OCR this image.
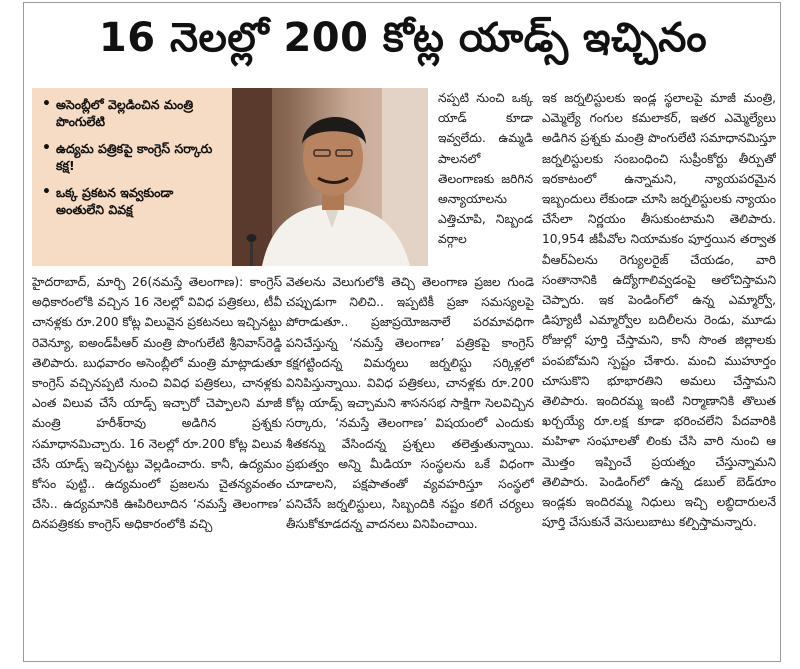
16 నెలల్లో 200 కోట్ల యాడ్స్ ఇచ్చినం
• అసెంబ్లీలో వెల్లడించిన మంత్రి పొంగులేటి
• ఉద్యమ పత్రికపై కాంగ్రెస్ సర్కారు కక్ష!
• ఒక్క ప్రకటన ఇవ్వకుండా అంతులేని వివక్ష

హైదరాబాద్, మార్చి 26(నమస్తే తెలంగాణ): కాంగ్రెస్ అధికారంలోకి వచ్చిన 16 నెలల్లో వివిధ పత్రికలు, టీవీ చానళ్లకు రూ.200 కోట్ల విలువైన ప్రకటనలు ఇచ్చినట్టు రెవెన్యూ, ఐఅండ్‌పీఆర్ మంత్రి పొంగులేటి శ్రీనివాస్‌రెడ్డి తెలిపారు. బుధవారం అసెంబ్లీలో మంత్రి మాట్లాడుతూ కాంగ్రెస్ వచ్చినప్పటి నుంచి వివిధ పత్రికలు, చానళ్లకు ఎంత విలువ చేసే యాడ్స్ ఇచ్చారో చెప్పాలని మాజీ మంత్రి హరీశ్‌రావు అడిగిన ప్రశ్నకు సమాధానమిచ్చారు. 16 నెలల్లో రూ.200 కోట్ల విలువ చేసే యాడ్స్ ఇచ్చినట్టు వెల్లడించారు. కానీ, ఉద్యమం కోసం పుట్టి.. ఉద్యమంలో ప్రజలను చైతన్యవంతం చేసి.. ఉద్యమానికి ఊపిరిలూదిన ‘నమస్తే తెలంగాణ’ దినపత్రికకు కాంగ్రెస్ అధికారంలోకి వచ్చి

నప్పటి నుంచి ఒక్క యాడ్ కూడా ఇవ్వలేదు. ఉమ్మడి పాలనలో తెలంగాణకు జరిగిన అన్యాయాలను ఎత్తిచూపి, నిబ్బండ వర్గాల

వెతలను వెలుగులోకి తెచ్చి తెలంగాణ ప్రజల గుండె చప్పుడుగా నిలిచి.. ఇప్పటికీ ప్రజా సమస్యలపై పోరాడుతూ.. ప్రజాప్రయోజనాలే పరమావధిగా పనిచేస్తున్న ‘నమస్తే తెలంగాణ’ పత్రికపై కాంగ్రెస్ కక్షగట్టిందన్న విమర్శలు జర్నలిస్టు సర్కిళ్లలో వినిపిస్తున్నాయి. వివిధ పత్రికలు, చానళ్లకు రూ.200 కోట్ల యాడ్స్ ఇచ్చామని శాసనసభ సాక్షిగా సెలవిచ్చిన సర్కారు, ‘నమస్తే తెలంగాణ’ విషయంలో ఎందుకు శీతకన్ను వేసిందన్న ప్రశ్నలు తలెత్తుతున్నాయి. ప్రభుత్వం అన్ని మీడియా సంస్థలను ఒకే విధంగా చూడాలని, పక్షపాతంతో వ్యవహరిస్తూ సంస్థలో పనిచేసే జర్నలిస్టులు, సిబ్బందికి నష్టం కలిగే చర్యలు తీసుకోకూడదన్న వాదనలు వినిపించాయి.

ఇక జర్నలిస్టులకు ఇండ్ల స్థలాలపై మాజీ మంత్రి, ఎమ్మెల్యే గంగుల కమలాకర్, ఇతర ఎమ్మెల్యేలు అడిగిన ప్రశ్నకు మంత్రి పొంగులేటి సమాధానమిస్తూ జర్నలిస్టులకు సంబంధించి సుప్రీంకోర్టు తీర్పుతో ఇరకాటంలో ఉన్నామని, న్యాయపరమైన ఇబ్బందులు లేకుండా చూసి జర్నలిస్టులకు న్యాయం చేసేలా నిర్ణయం తీసుకుంటామని తెలిపారు. 10,954 జీపీవోల నియామకం పూర్తయిన తర్వాత వీఆర్‌ఏలను రెగ్యులరైజ్ చేయడం, వారి సంతానానికి ఉద్యోగాలివ్వడంపై ఆలోచిస్తామని చెప్పారు. ఇక పెండింగ్‌లో ఉన్న ఎమ్మార్వో, డిప్యూటీ ఎమ్మార్వోల బదిలీలను రెండు, మూడు రోజుల్లో పూర్తి చేస్తామని, కానీ సొంత జిల్లాలకు పంపబోమని స్పష్టం చేశారు. మంచి ముహూర్తం చూసుకొని భూభారతిని అమలు చేస్తామని తెలిపారు. ఇందిరమ్మ ఇంటి నిర్మాణానికి తొలుత ఖర్చయ్యే రూ.లక్ష కూడా భరించలేని పేదవారికి మహిళా సంఘాలతో లింకు చేసి వారి నుంచి ఆ మొత్తం ఇప్పించే ప్రయత్నం చేస్తున్నామని తెలిపారు. పెండింగ్‌లో ఉన్న డబుల్ బెడ్‌రూం ఇండ్లకు ఇందిరమ్మ నిధులు ఇచ్చి లబ్ధిదారులనే పూర్తి చేసుకునే వెసులుబాటు కల్పిస్తామన్నారు.
